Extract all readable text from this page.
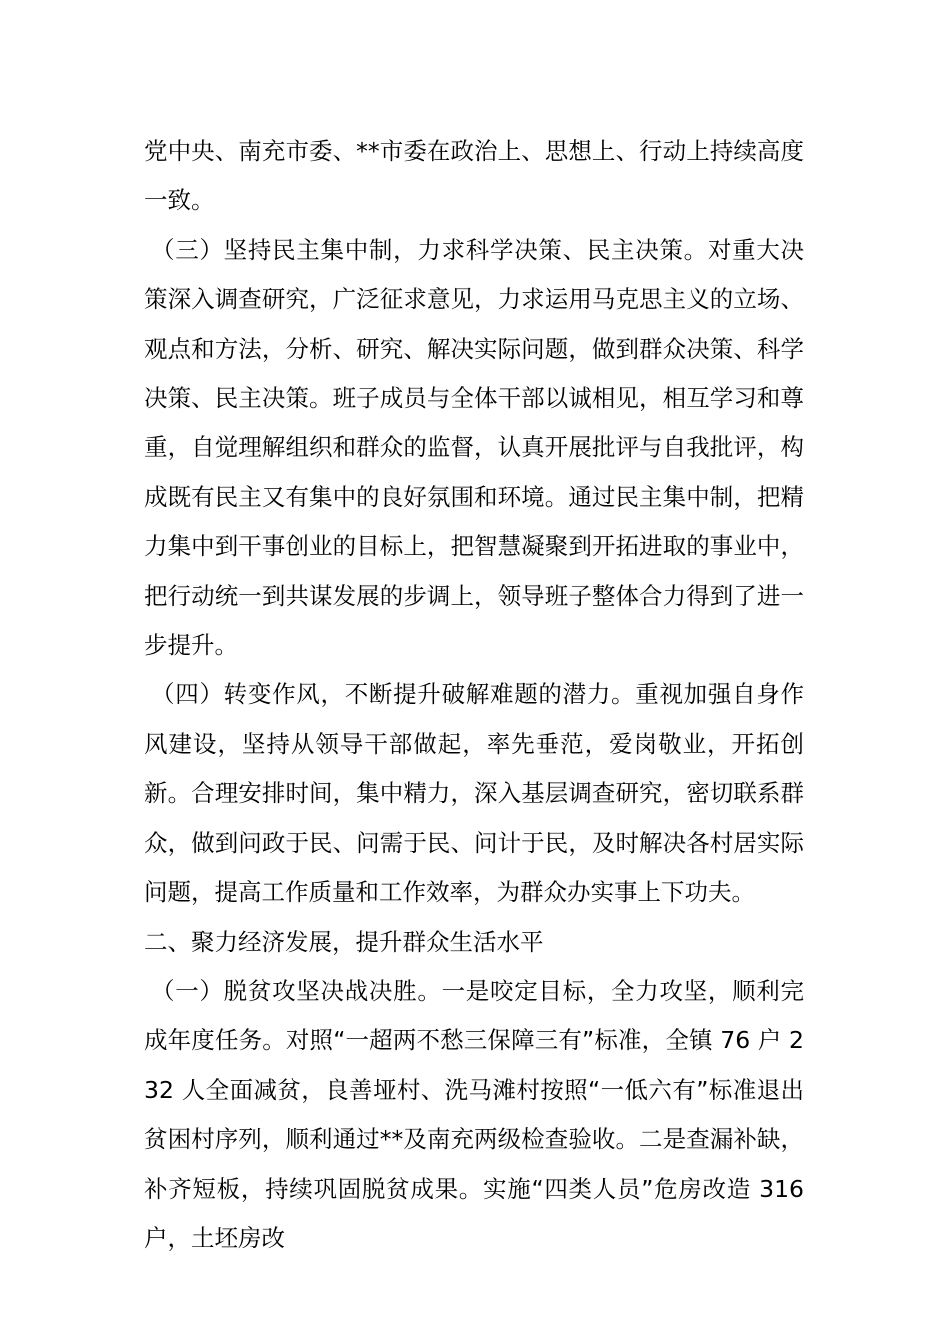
党中央、南充市委、**市委在政治上、思想上、行动上持续高度一致。

（三）坚持民主集中制，力求科学决策、民主决策。对重大决策深入调查研究，广泛征求意见，力求运用马克思主义的立场、观点和方法，分析、研究、解决实际问题，做到群众决策、科学决策、民主决策。班子成员与全体干部以诚相见，相互学习和尊重，自觉理解组织和群众的监督，认真开展批评与自我批评，构成既有民主又有集中的良好氛围和环境。通过民主集中制，把精力集中到干事创业的目标上，把智慧凝聚到开拓进取的事业中，把行动统一到共谋发展的步调上，领导班子整体合力得到了进一步提升。

（四）转变作风，不断提升破解难题的潜力。重视加强自身作风建设，坚持从领导干部做起，率先垂范，爱岗敬业，开拓创新。合理安排时间，集中精力，深入基层调查研究，密切联系群众，做到问政于民、问需于民、问计于民，及时解决各村居实际问题，提高工作质量和工作效率，为群众办实事上下功夫。

二、聚力经济发展，提升群众生活水平

（一）脱贫攻坚决战决胜。一是咬定目标，全力攻坚，顺利完成年度任务。对照“一超两不愁三保障三有”标准，全镇 76 户 232 人全面减贫，良善垭村、洗马滩村按照“一低六有”标准退出贫困村序列，顺利通过**及南充两级检查验收。二是查漏补缺，补齐短板，持续巩固脱贫成果。实施“四类人员”危房改造 316 户，土坯房改
